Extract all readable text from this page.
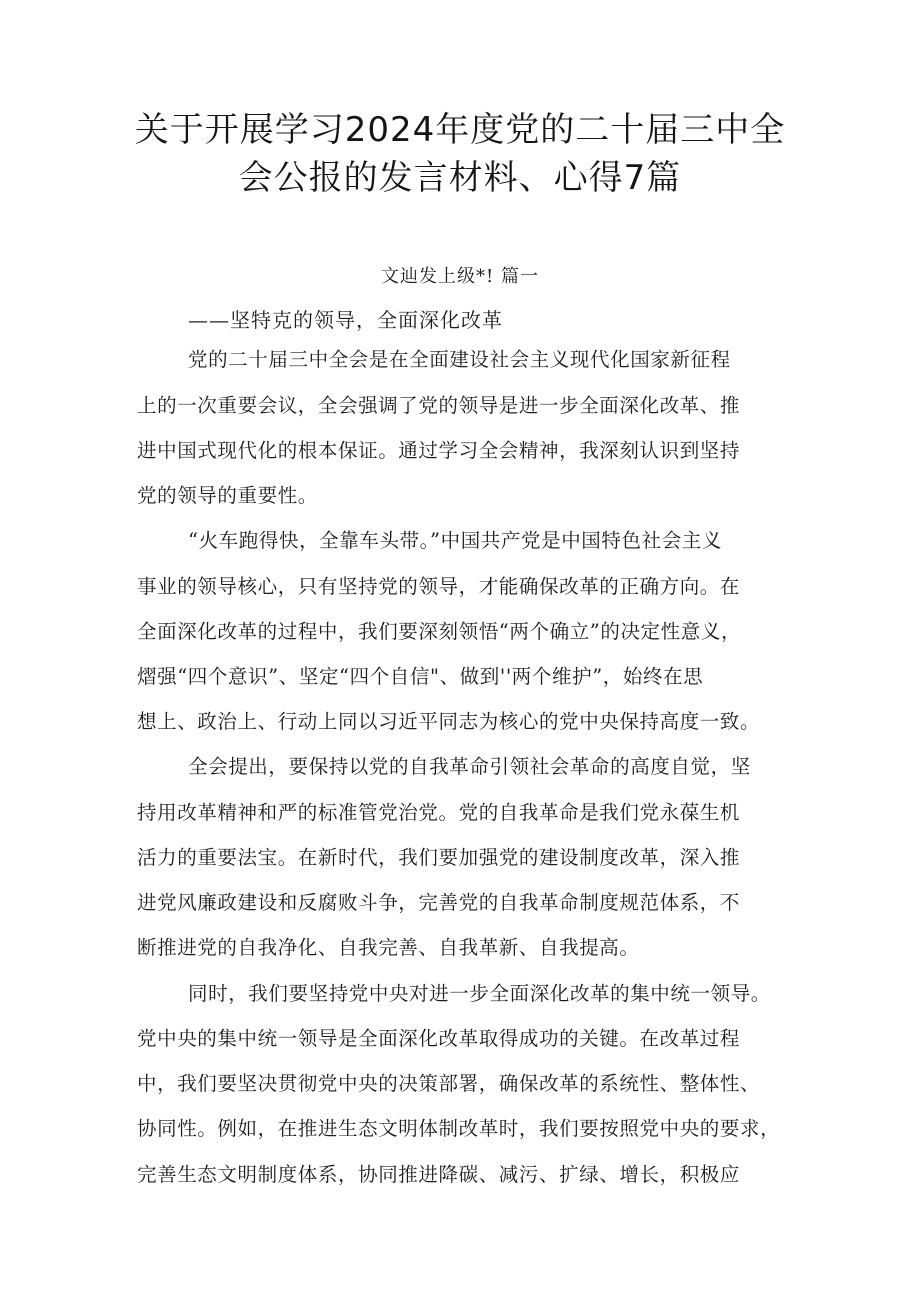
关于开展学习2024年度党的二十届三中全
会公报的发言材料、心得7篇
文辿发上级*! 篇一
——坚特克的领导，全面深化改革
党的二十届三中全会是在全面建设社会主义现代化国家新征程
上的一次重要会议，全会强调了党的领导是进一步全面深化改革、推
进中国式现代化的根本保证。通过学习全会精神，我深刻认识到坚持
党的领导的重要性。
“火车跑得快，全靠车头带。”中国共产党是中国特色社会主义
事业的领导核心，只有坚持党的领导，才能确保改革的正确方向。在
全面深化改革的过程中，我们要深刻领悟“两个确立”的决定性意义，
熠强“四个意识”、坚定“四个自信"、做到''两个维护”，始终在思
想上、政治上、行动上同以习近平同志为核心的党中央保持高度一致。
全会提出，要保持以党的自我革命引领社会革命的高度自觉，坚
持用改革精神和严的标准管党治党。党的自我革命是我们党永葆生机
活力的重要法宝。在新时代，我们要加强党的建设制度改革，深入推
进党风廉政建设和反腐败斗争，完善党的自我革命制度规范体系，不
断推进党的自我净化、自我完善、自我革新、自我提高。
同时，我们要坚持党中央对进一步全面深化改革的集中统一领导。
党中央的集中统一领导是全面深化改革取得成功的关键。在改革过程
中，我们要坚决贯彻党中央的决策部署，确保改革的系统性、整体性、
协同性。例如，在推进生态文明体制改革时，我们要按照党中央的要求，
完善生态文明制度体系，协同推进降碳、减污、扩绿、增长，积极应
